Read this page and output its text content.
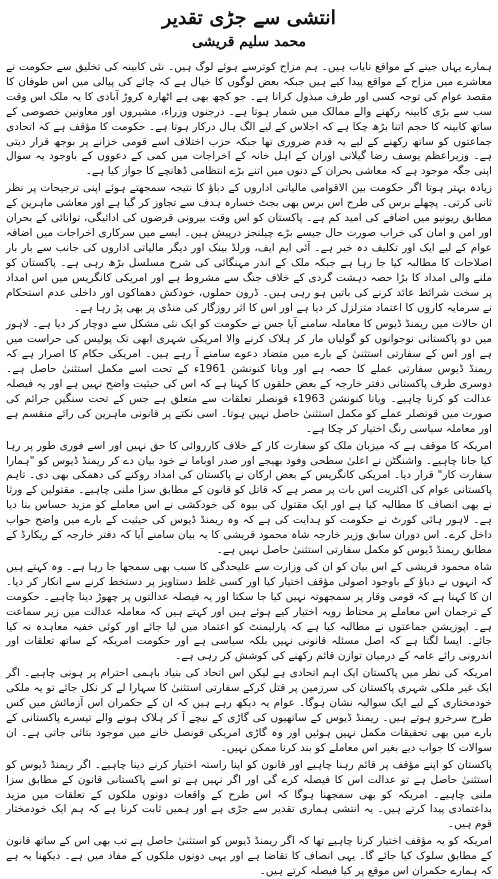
انتشی سے جڑی تقدیر
محمد سلیم قریشی

ہمارے یہاں جینے کے مواقع نایاب ہیں۔ ہم مزاح کوترسے ہوئے لوگ ہیں۔ نئی کابینہ کی تخلیق سے حکومت نے معاشرے میں مزاح کے مواقع پیدا کیے ہیں جبکہ بعض لوگوں کا خیال ہے کہ چائے کی پیالی میں اس طوفان کا مقصد عوام کی توجہ کسی اور طرف مبذول کرانا ہے۔ جو کچھ بھی ہے اٹھارہ کروڑ آبادی کا یہ ملک اس وقت سب سے بڑی کابینہ رکھنے والے ممالک میں شمار ہوتا ہے۔ درجنوں وزراء، مشیروں اور معاونین خصوصی کے ساتھ کابینہ کا حجم اتنا بڑھ چکا ہے کہ اجلاس کے لیے الگ ہال درکار ہوتا ہے۔ حکومت کا مؤقف ہے کہ اتحادی جماعتوں کو ساتھ رکھنے کے لیے یہ قدم ضروری تھا جبکہ حزب اختلاف اسے قومی خزانے پر بوجھ قرار دیتی ہے۔ وزیراعظم یوسف رضا گیلانی اوران کے اہل خانہ کے اخراجات میں کمی کے دعووں کے باوجود یہ سوال اپنی جگہ موجود ہے کہ معاشی بحران کے دنوں میں اتنے بڑے انتظامی ڈھانچے کا جواز کیا ہے۔

زیادہ بہتر ہوتا اگر حکومت بین الاقوامی مالیاتی اداروں کے دباؤ کا نتیجہ سمجھتے ہوئے اپنی ترجیحات پر نظر ثانی کرتی۔ پچھلے برس کی طرح اس برس بھی بجٹ خسارہ ہدف سے تجاوز کر گیا ہے اور معاشی ماہرین کے مطابق ریونیو میں اضافے کی امید کم ہے۔ پاکستان کو اس وقت بیرونی قرضوں کی ادائیگی، توانائی کے بحران اور امن و امان کی خراب صورت حال جیسے بڑے چیلنجز درپیش ہیں۔ ایسے میں سرکاری اخراجات میں اضافہ عوام کے لیے ایک اور تکلیف دہ خبر ہے۔ آئی ایم ایف، ورلڈ بینک اور دیگر مالیاتی اداروں کی جانب سے بار بار اصلاحات کا مطالبہ کیا جا رہا ہے جبکہ ملک کے اندر مہنگائی کی شرح مسلسل بڑھ رہی ہے۔ پاکستان کو ملنے والی امداد کا بڑا حصہ دہشت گردی کے خلاف جنگ سے مشروط ہے اور امریکی کانگریس میں اس امداد پر سخت شرائط عائد کرنے کی باتیں ہو رہی ہیں۔ ڈرون حملوں، خودکش دھماکوں اور داخلی عدم استحکام نے سرمایہ کاروں کا اعتماد متزلزل کر دیا ہے اور اس کا اثر روزگار کی منڈی پر بھی پڑ رہا ہے۔

ان حالات میں ریمنڈ ڈیوس کا معاملہ سامنے آیا جس نے حکومت کو ایک نئی مشکل سے دوچار کر دیا ہے۔ لاہور میں دو پاکستانی نوجوانوں کو گولیاں مار کر ہلاک کرنے والا امریکی شہری ابھی تک پولیس کی حراست میں ہے اور اس کے سفارتی استثنیٰ کے بارے میں متضاد دعوے سامنے آ رہے ہیں۔ امریکی حکام کا اصرار ہے کہ ریمنڈ ڈیوس سفارتی عملے کا حصہ ہے اور ویانا کنونشن 1961ء کے تحت اسے مکمل استثنیٰ حاصل ہے۔ دوسری طرف پاکستانی دفتر خارجہ کے بعض حلقوں کا کہنا ہے کہ اس کی حیثیت واضح نہیں ہے اور یہ فیصلہ عدالت کو کرنا چاہیے۔ ویانا کنونشن 1963ء قونصلر تعلقات سے متعلق ہے جس کے تحت سنگین جرائم کی صورت میں قونصلر عملے کو مکمل استثنیٰ حاصل نہیں ہوتا۔ اسی نکتے پر قانونی ماہرین کی رائے منقسم ہے اور معاملہ سیاسی رنگ اختیار کر چکا ہے۔

امریکہ کا موقف ہے کہ میزبان ملک کو سفارت کار کے خلاف کارروائی کا حق نہیں اور اسے فوری طور پر رہا کیا جانا چاہیے۔ واشنگٹن نے اعلیٰ سطحی وفود بھیجے اور صدر اوباما نے خود بیان دے کر ریمنڈ ڈیوس کو "ہمارا سفارت کار" قرار دیا۔ امریکی کانگریس کے بعض ارکان نے پاکستان کی امداد روکنے کی دھمکی بھی دی۔ تاہم پاکستانی عوام کی اکثریت اس بات پر مصر ہے کہ قاتل کو قانون کے مطابق سزا ملنی چاہیے۔ مقتولین کے ورثا نے بھی انصاف کا مطالبہ کیا ہے اور ایک مقتول کی بیوہ کی خودکشی نے اس معاملے کو مزید حساس بنا دیا ہے۔ لاہور ہائی کورٹ نے حکومت کو ہدایت کی ہے کہ وہ ریمنڈ ڈیوس کی حیثیت کے بارے میں واضح جواب داخل کرے۔ اس دوران سابق وزیر خارجہ شاہ محمود قریشی کا یہ بیان سامنے آیا کہ دفتر خارجہ کے ریکارڈ کے مطابق ریمنڈ ڈیوس کو مکمل سفارتی استثنیٰ حاصل نہیں ہے۔

شاہ محمود قریشی کے اس بیان کو ان کی وزارت سے علیحدگی کا سبب بھی سمجھا جا رہا ہے۔ وہ کہتے ہیں کہ انہوں نے دباؤ کے باوجود اصولی مؤقف اختیار کیا اور کسی غلط دستاویز پر دستخط کرنے سے انکار کر دیا۔ ان کا کہنا ہے کہ قومی وقار پر سمجھوتہ نہیں کیا جا سکتا اور یہ فیصلہ عدالتوں پر چھوڑ دینا چاہیے۔ حکومت کے ترجمان اس معاملے پر محتاط رویہ اختیار کیے ہوئے ہیں اور کہتے ہیں کہ معاملہ عدالت میں زیر سماعت ہے۔ اپوزیشن جماعتوں نے مطالبہ کیا ہے کہ پارلیمنٹ کو اعتماد میں لیا جائے اور کوئی خفیہ معاہدہ نہ کیا جائے۔ ایسا لگتا ہے کہ اصل مسئلہ قانونی نہیں بلکہ سیاسی ہے اور حکومت امریکہ کے ساتھ تعلقات اور اندرونی رائے عامہ کے درمیان توازن قائم رکھنے کی کوشش کر رہی ہے۔

امریکہ کی نظر میں پاکستان ایک اہم اتحادی ہے لیکن اس اتحاد کی بنیاد باہمی احترام پر ہونی چاہیے۔ اگر ایک غیر ملکی شہری پاکستان کی سرزمین پر قتل کرکے سفارتی استثنیٰ کا سہارا لے کر نکل جائے تو یہ ملکی خودمختاری کے لیے ایک سوالیہ نشان ہوگا۔ عوام یہ دیکھ رہے ہیں کہ ان کے حکمران اس آزمائش میں کس طرح سرخرو ہوتے ہیں۔ ریمنڈ ڈیوس کے ساتھیوں کی گاڑی کے نیچے آ کر ہلاک ہونے والے تیسرے پاکستانی کے بارے میں بھی تحقیقات مکمل نہیں ہوئیں اور وہ گاڑی امریکی قونصل خانے میں موجود بتائی جاتی ہے۔ ان سوالات کا جواب دیے بغیر اس معاملے کو بند کرنا ممکن نہیں۔

پاکستان کو اپنے مؤقف پر قائم رہنا چاہیے اور قانون کو اپنا راستہ اختیار کرنے دینا چاہیے۔ اگر ریمنڈ ڈیوس کو استثنیٰ حاصل ہے تو عدالت اس کا فیصلہ کرے گی اور اگر نہیں ہے تو اسے پاکستانی قانون کے مطابق سزا ملنی چاہیے۔ امریکہ کو بھی سمجھنا ہوگا کہ اس طرح کے واقعات دونوں ملکوں کے تعلقات میں مزید بداعتمادی پیدا کرتے ہیں۔ یہ انتشی ہماری تقدیر سے جڑی ہے اور ہمیں ثابت کرنا ہے کہ ہم ایک خودمختار قوم ہیں۔

امریکہ کو یہ مؤقف اختیار کرنا چاہیے تھا کہ اگر ریمنڈ ڈیوس کو استثنیٰ حاصل ہے تب بھی اس کے ساتھ قانون کے مطابق سلوک کیا جائے گا۔ یہی انصاف کا تقاضا ہے اور یہی دونوں ملکوں کے مفاد میں ہے۔ دیکھنا یہ ہے کہ ہمارے حکمران اس موقع پر کیا فیصلہ کرتے ہیں۔
